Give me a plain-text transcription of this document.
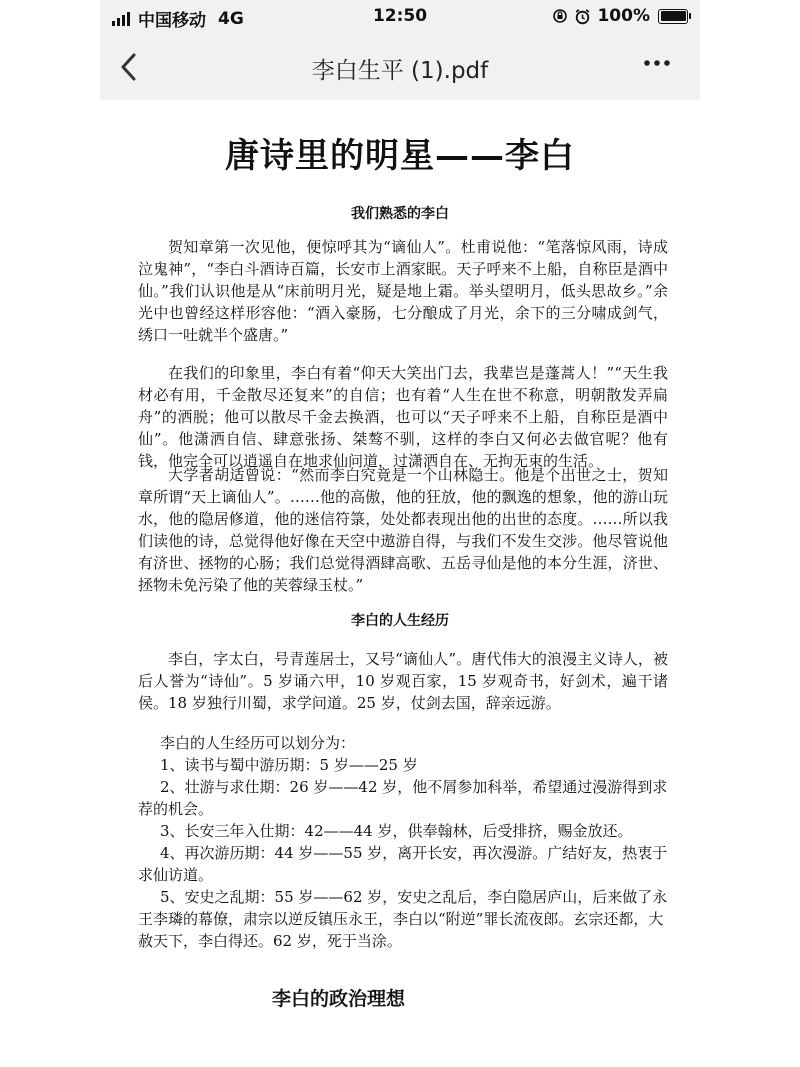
中国移动 4G	12:50	100%
李白生平 (1).pdf
唐诗里的明星——李白
我们熟悉的李白
贺知章第一次见他，便惊呼其为“谪仙人”。杜甫说他：“笔落惊风雨，诗成泣鬼神”，“李白斗酒诗百篇，长安市上酒家眠。天子呼来不上船，自称臣是酒中仙。”我们认识他是从“床前明月光，疑是地上霜。举头望明月，低头思故乡。”余光中也曾经这样形容他：“酒入豪肠，七分酿成了月光，余下的三分啸成剑气，绣口一吐就半个盛唐。”
在我们的印象里，李白有着“仰天大笑出门去，我辈岂是蓬蒿人！”“天生我材必有用，千金散尽还复来”的自信；也有着“人生在世不称意，明朝散发弄扁舟”的洒脱；他可以散尽千金去换酒，也可以“天子呼来不上船，自称臣是酒中仙”。他潇洒自信、肆意张扬、桀骜不驯，这样的李白又何必去做官呢？他有钱，他完全可以逍遥自在地求仙问道，过潇洒自在、无拘无束的生活。
大学者胡适曾说：“然而李白究竟是一个山林隐士。他是个出世之士，贺知章所谓“天上谪仙人”。……他的高傲，他的狂放，他的飘逸的想象，他的游山玩水，他的隐居修道，他的迷信符箓，处处都表现出他的出世的态度。……所以我们读他的诗，总觉得他好像在天空中遨游自得，与我们不发生交涉。他尽管说他有济世、拯物的心肠；我们总觉得酒肆高歌、五岳寻仙是他的本分生涯，济世、拯物未免污染了他的芙蓉绿玉杖。”
李白的人生经历
李白，字太白，号青莲居士，又号“谪仙人”。唐代伟大的浪漫主义诗人，被后人誉为“诗仙”。5 岁诵六甲，10 岁观百家，15 岁观奇书，好剑术，遍干诸侯。18 岁独行川蜀，求学问道。25 岁，仗剑去国，辞亲远游。
李白的人生经历可以划分为：
1、读书与蜀中游历期：5 岁——25 岁
2、壮游与求仕期：26 岁——42 岁，他不屑参加科举，希望通过漫游得到求荐的机会。
3、长安三年入仕期：42——44 岁，供奉翰林，后受排挤，赐金放还。
4、再次游历期：44 岁——55 岁，离开长安，再次漫游。广结好友，热衷于求仙访道。
5、安史之乱期：55 岁——62 岁，安史之乱后，李白隐居庐山，后来做了永王李璘的幕僚，肃宗以逆反镇压永王，李白以“附逆”罪长流夜郎。玄宗还都，大赦天下，李白得还。62 岁，死于当涂。
李白的政治理想
